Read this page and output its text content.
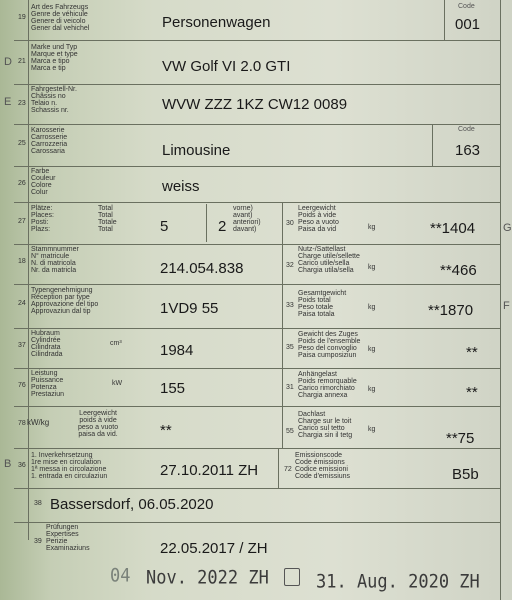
D
E
B
G
F
19
Art des Fahrzeugs
Genre de véhicule
Genere di veicolo
Gener dal vehichel	Personenwagen
Code
001
21
Marke und Typ
Marque et type
Marca e tipo
Marca e tip	VW Golf VI 2.0 GTI
23
Fahrgestell-Nr.
Châssis no
Telaio n.
Schassis nr.	WVW ZZZ 1KZ CW12 0089
25
Karosserie
Carrosserie
Carrozzeria
Carossaria	Limousine
Code
163
26
Farbe
Couleur
Colore
Colur	weiss
27
Plätze:
Places:
Posti:
Plazs:
Total
Total
Totale
Total	5	2
vorne)
avant)
anteriori)
davant)
30
Leergewicht
Poids à vide
Peso a vuoto
Paisa da vid	kg	**1404
18
Stammnummer
N° matricule
N. di matricola
Nr. da matricla	214.054.838	32
Nutz-/Sattellast
Charge utile/sellette
Carico utile/sella
Chargia utila/sella	kg	**466
24
Typengenehmigung
Réception par type
Approvazione del tipo
Approvaziun dal tip	1VD9 55	33
Gesamtgewicht
Poids total
Peso totale
Paisa totala
kg	**1870
37
Hubraum
Cylindrée
Cilindrata
Cilindrada
cm³	1984	35
Gewicht des Zuges
Poids de l'ensemble
Peso del convoglio
Paisa cumposiziun
kg	**
76
Leistung
Puissance
Potenza
Prestaziun
kW	155	31
Anhängelast
Poids remorquable
Carico rimorchiato
Chargia annexa
kg	**
78 kW/kg
Leergewicht
poids à vide
peso a vuoto
paisa da vid.	**	55
Dachlast
Charge sur le toit
Carico sul tetto
Chargia sin il tetg
kg
**75
36
1. Inverkehrsetzung
1re mise en circulation
1ª messa in circolazione
1. entrada en circulaziun	27.10.2011 ZH	72
Emissionscode
Code émissions
Codice emissioni
Code d'emissiuns	B5b
38 Bassersdorf, 06.05.2020
39
Prüfungen
Expertises
Perizie
Examinaziuns	22.05.2017 / ZH
04 Nov. 2022 ZH	31. Aug. 2020 ZH
